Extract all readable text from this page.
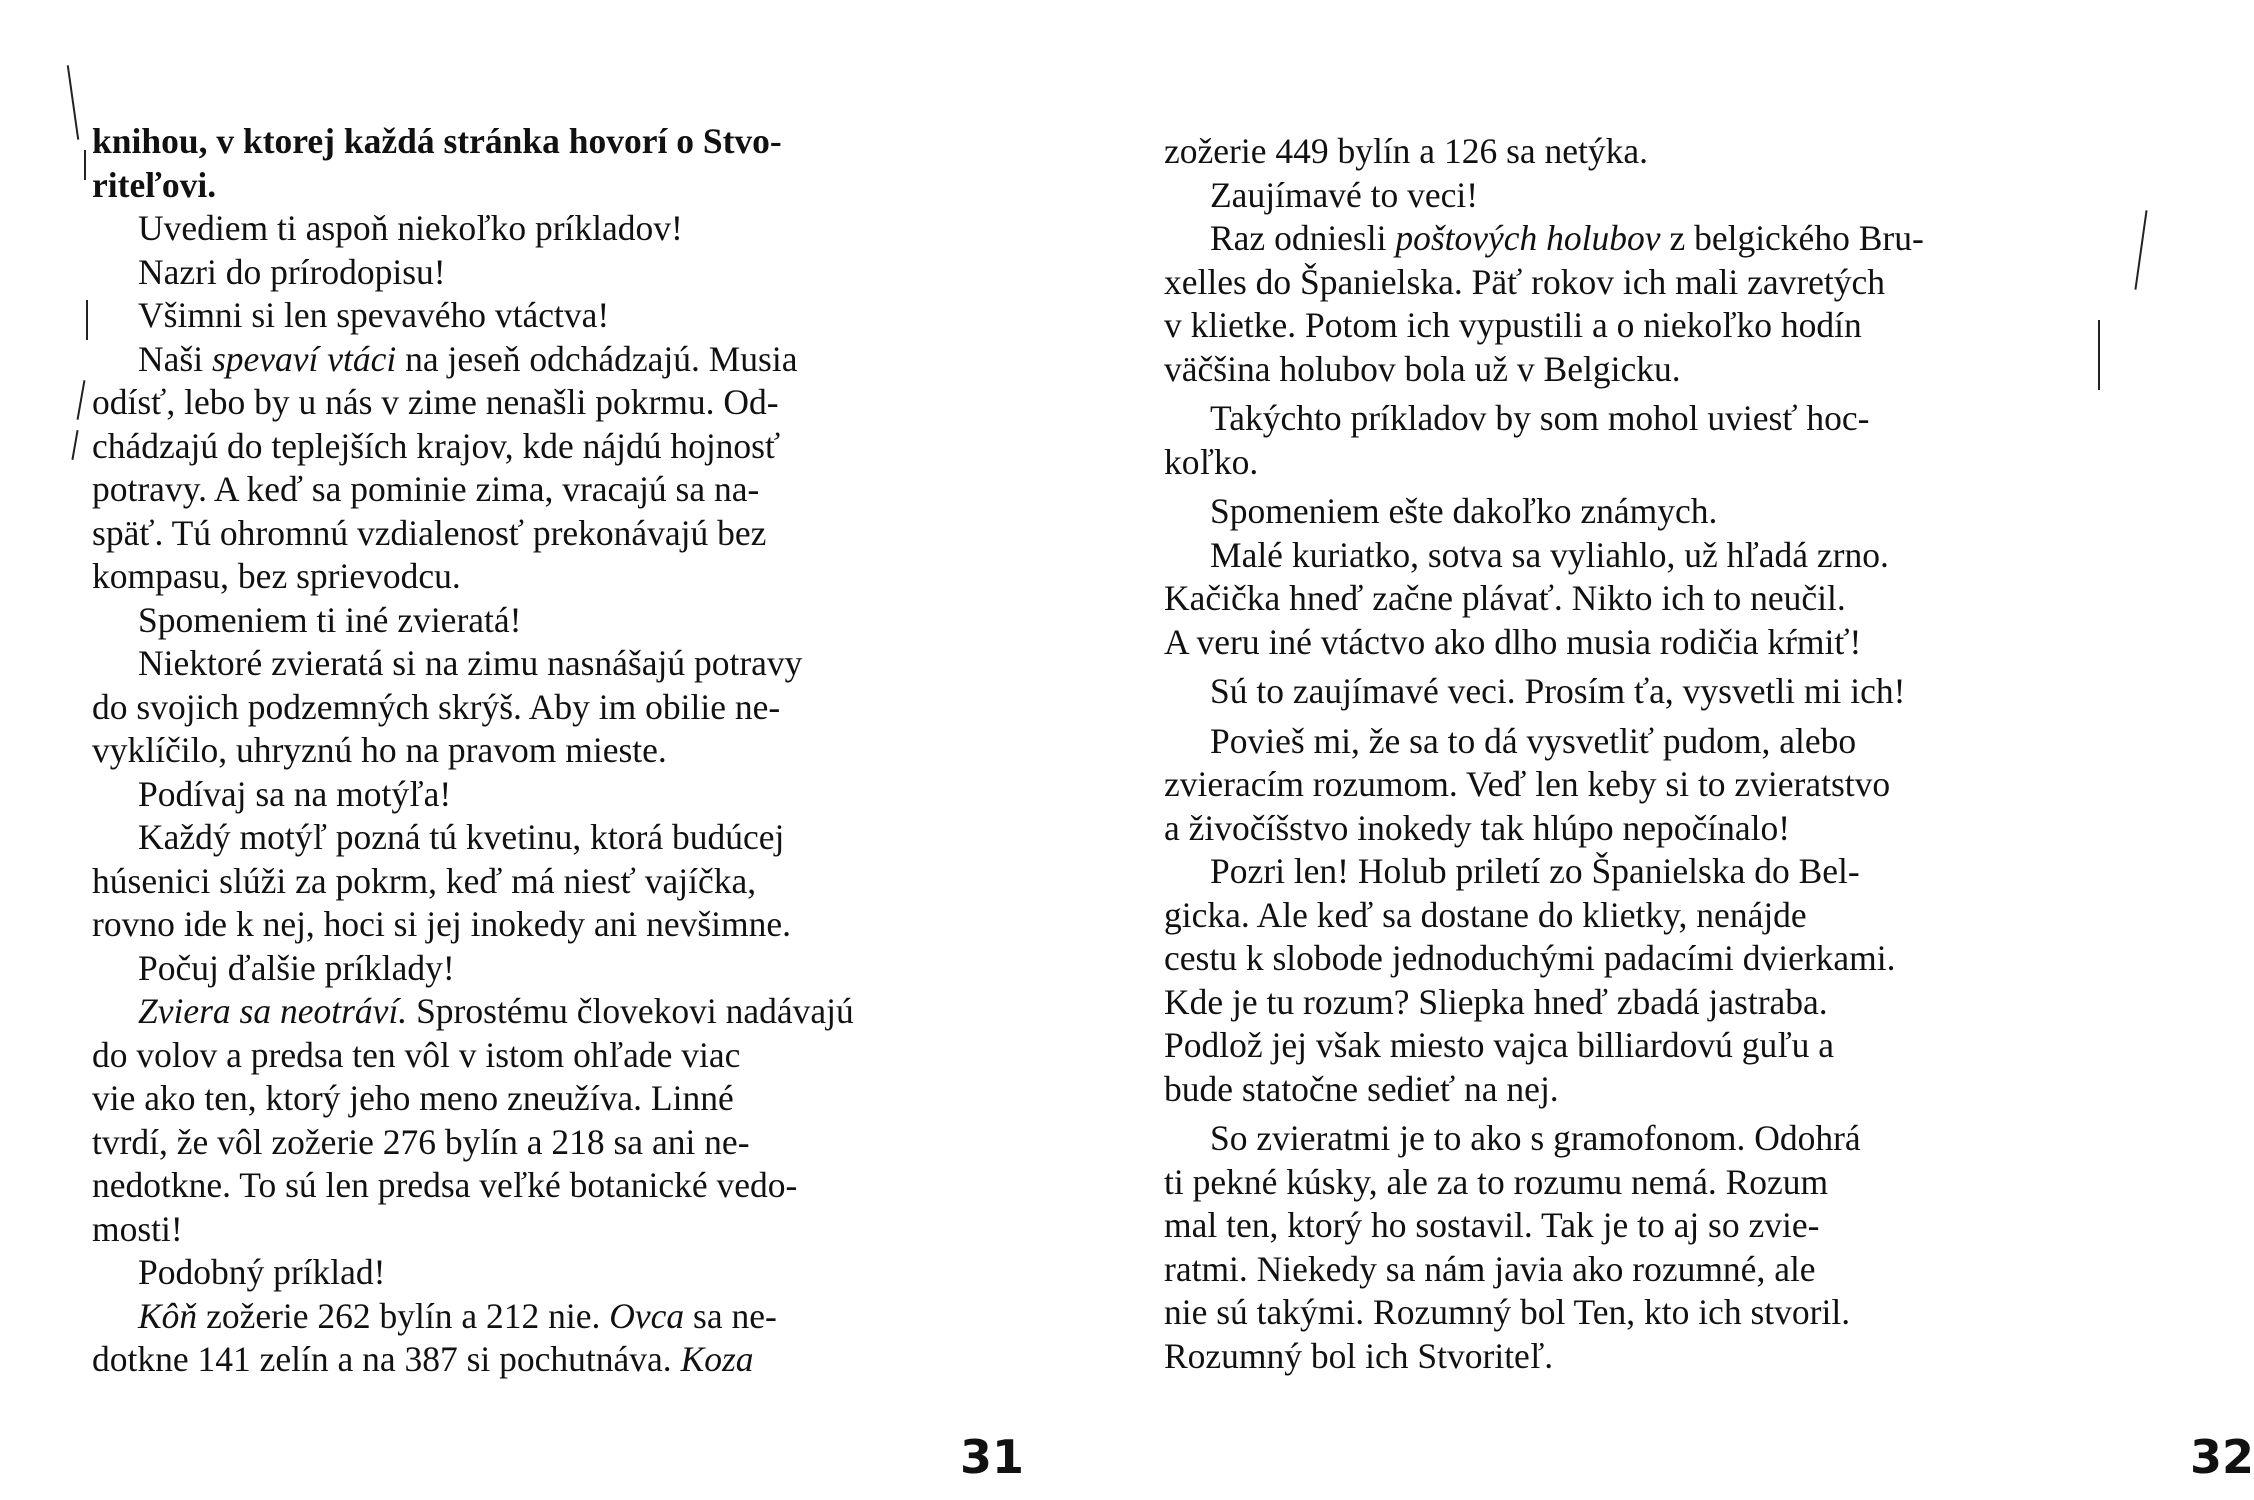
knihou, v ktorej každá stránka hovorí o Stvo-
riteľovi.
Uvediem ti aspoň niekoľko príkladov!
Nazri do prírodopisu!
Všimni si len spevavého vtáctva!
Naši spevaví vtáci na jeseň odchádzajú. Musia
odísť, lebo by u nás v zime nenašli pokrmu. Od-
chádzajú do teplejších krajov, kde nájdú hojnosť
potravy. A keď sa pominie zima, vracajú sa na-
späť. Tú ohromnú vzdialenosť prekonávajú bez
kompasu, bez sprievodcu.
Spomeniem ti iné zvieratá!
Niektoré zvieratá si na zimu nasnášajú potravy
do svojich podzemných skrýš. Aby im obilie ne-
vyklíčilo, uhryznú ho na pravom mieste.
Podívaj sa na motýľa!
Každý motýľ pozná tú kvetinu, ktorá budúcej
húsenici slúži za pokrm, keď má niesť vajíčka,
rovno ide k nej, hoci si jej inokedy ani nevšimne.
Počuj ďalšie príklady!
Zviera sa neotráví. Sprostému človekovi nadávajú
do volov a predsa ten vôl v istom ohľade viac
vie ako ten, ktorý jeho meno zneužíva. Linné
tvrdí, že vôl zožerie 276 bylín a 218 sa ani ne-
nedotkne. To sú len predsa veľké botanické vedo-
mosti!
Podobný príklad!
Kôň zožerie 262 bylín a 212 nie. Ovca sa ne-
dotkne 141 zelín a na 387 si pochutnáva. Koza
31
zožerie 449 bylín a 126 sa netýka.
Zaujímavé to veci!
Raz odniesli poštových holubov z belgického Bru-
xelles do Španielska. Päť rokov ich mali zavretých
v klietke. Potom ich vypustili a o niekoľko hodín
väčšina holubov bola už v Belgicku.
Takýchto príkladov by som mohol uviesť hoc-
koľko.
Spomeniem ešte dakoľko známych.
Malé kuriatko, sotva sa vyliahlo, už hľadá zrno.
Kačička hneď začne plávať. Nikto ich to neučil.
A veru iné vtáctvo ako dlho musia rodičia kŕmiť!
Sú to zaujímavé veci. Prosím ťa, vysvetli mi ich!
Povieš mi, že sa to dá vysvetliť pudom, alebo
zvieracím rozumom. Veď len keby si to zvieratstvo
a živočíšstvo inokedy tak hlúpo nepočínalo!
Pozri len! Holub priletí zo Španielska do Bel-
gicka. Ale keď sa dostane do klietky, nenájde
cestu k slobode jednoduchými padacími dvierkami.
Kde je tu rozum? Sliepka hneď zbadá jastraba.
Podlož jej však miesto vajca billiardovú guľu a
bude statočne sedieť na nej.
So zvieratmi je to ako s gramofonom. Odohrá
ti pekné kúsky, ale za to rozumu nemá. Rozum
mal ten, ktorý ho sostavil. Tak je to aj so zvie-
ratmi. Niekedy sa nám javia ako rozumné, ale
nie sú takými. Rozumný bol Ten, kto ich stvoril.
Rozumný bol ich Stvoriteľ.
32
